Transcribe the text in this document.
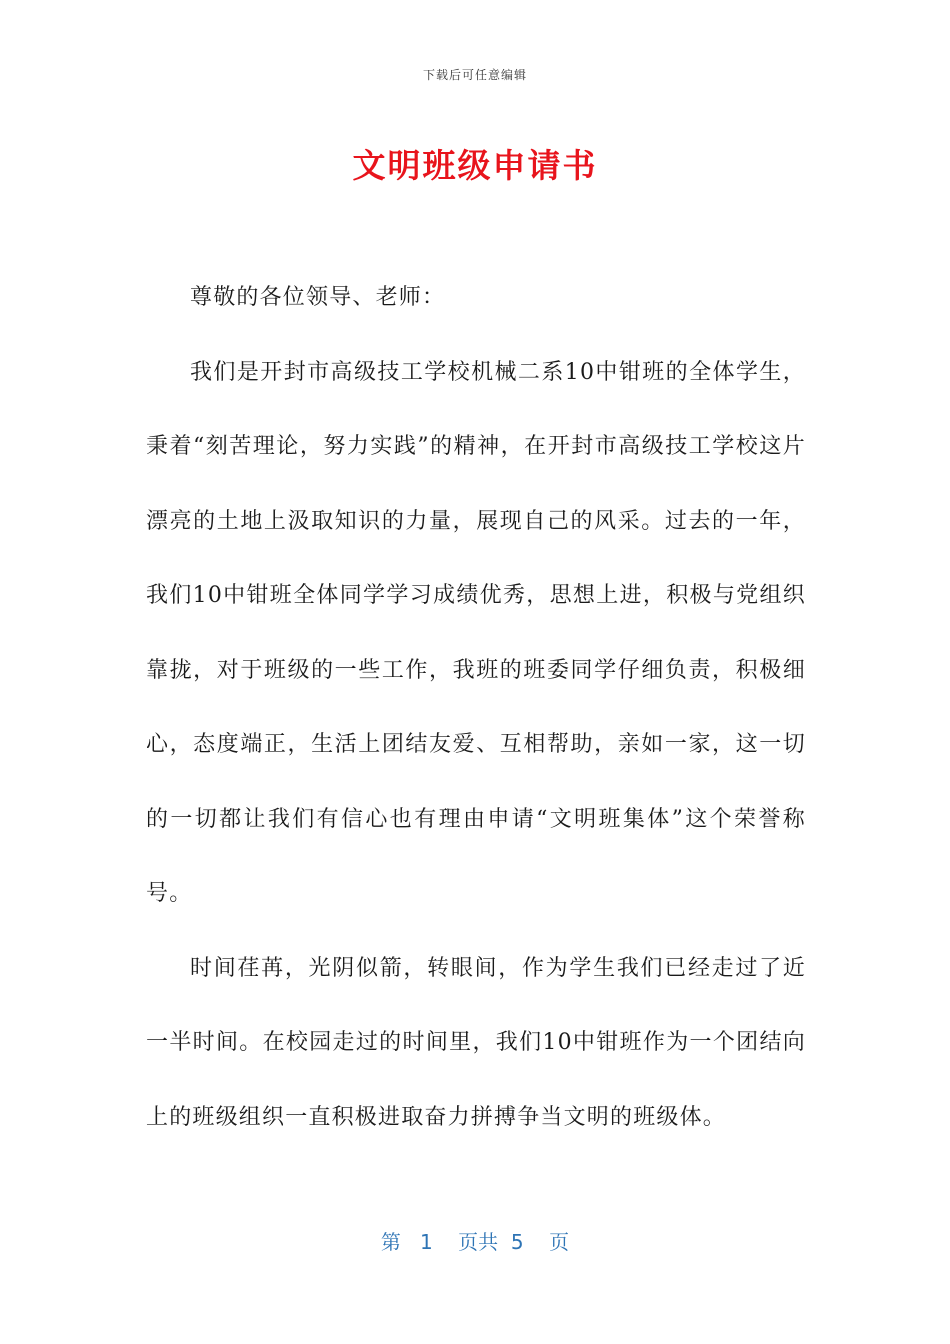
下载后可任意编辑
文明班级申请书

尊敬的各位领导、老师：

我们是开封市高级技工学校机械二系10中钳班的全体学生，秉着“刻苦理论，努力实践”的精神，在开封市高级技工学校这片漂亮的土地上汲取知识的力量，展现自己的风采。过去的一年，我们10中钳班全体同学学习成绩优秀，思想上进，积极与党组织靠拢，对于班级的一些工作，我班的班委同学仔细负责，积极细心，态度端正，生活上团结友爱、互相帮助，亲如一家，这一切的一切都让我们有信心也有理由申请“文明班集体”这个荣誉称号。

时间荏苒，光阴似箭，转眼间，作为学生我们已经走过了近一半时间。在校园走过的时间里，我们10中钳班作为一个团结向上的班级组织一直积极进取奋力拼搏争当文明的班级体。

第 1 页共 5 页
